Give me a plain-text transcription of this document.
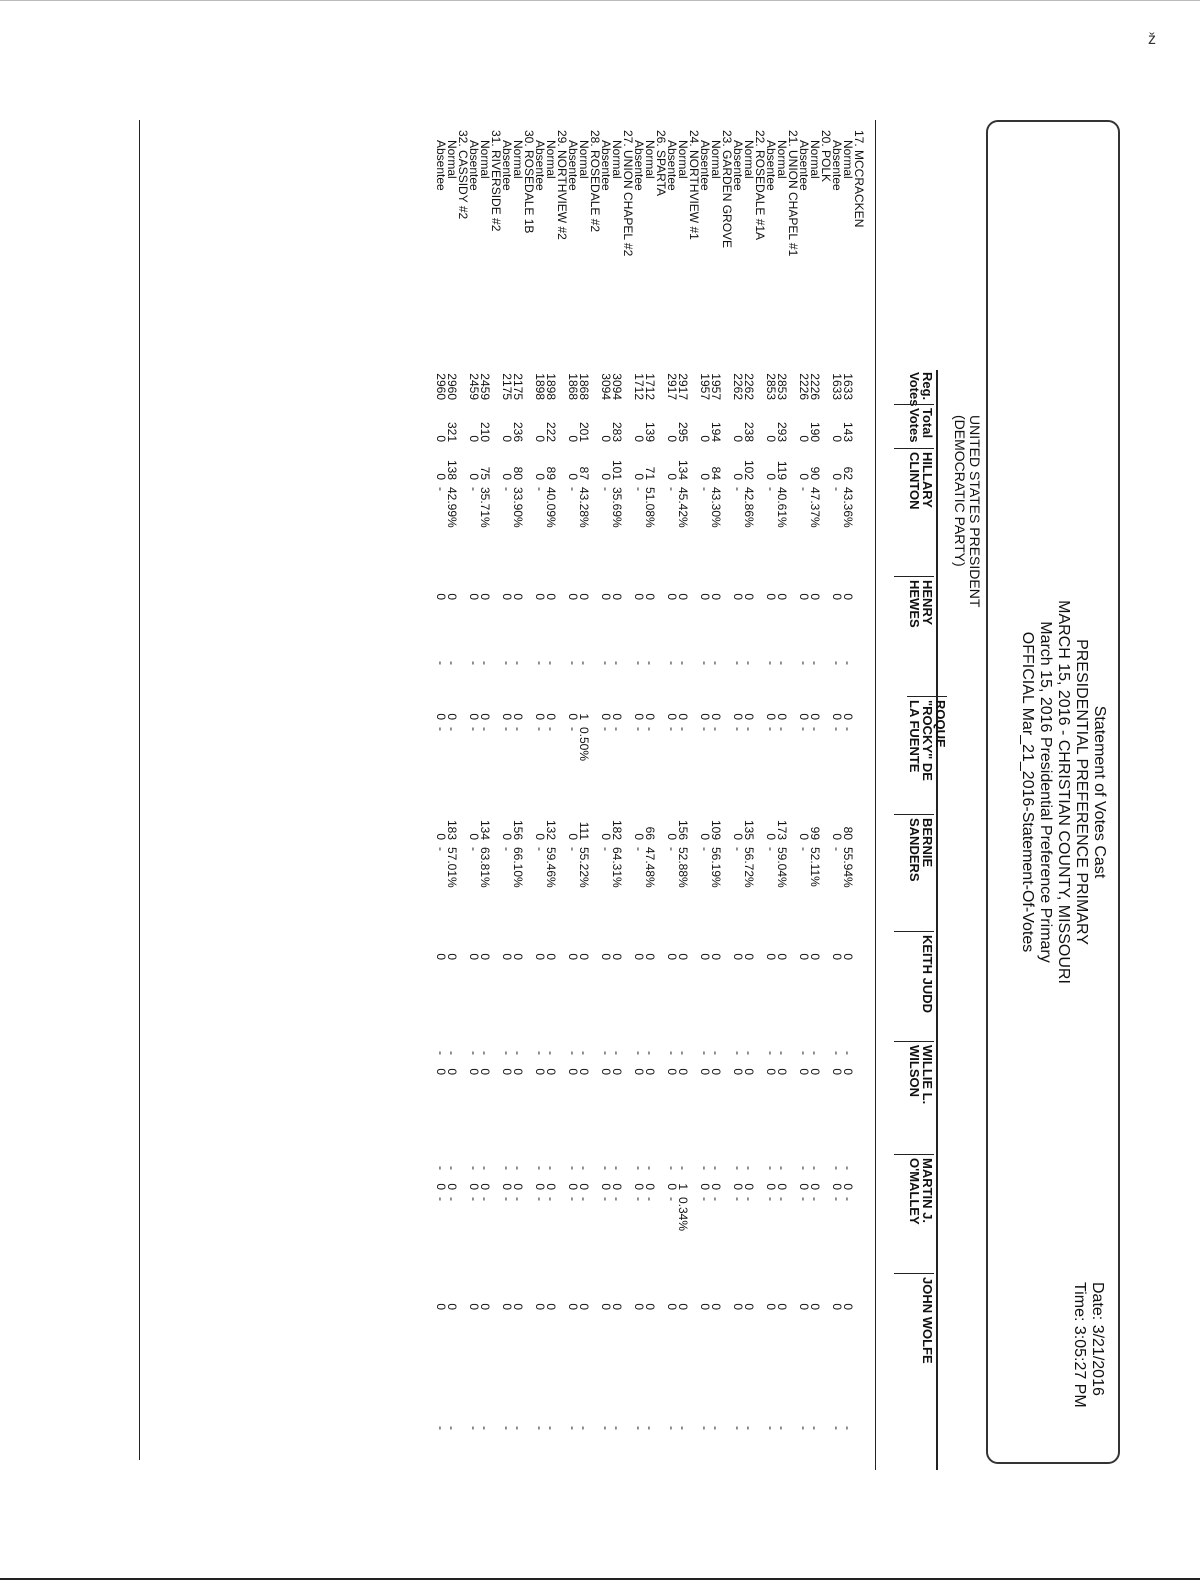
ž
Statement of Votes Cast
PRESIDENTIAL PREFERENCE PRIMARY
MARCH 15, 2016 - CHRISTIAN COUNTY, MISSOURI
March 15, 2016 Presidential Preference Primary
OFFICIAL Mar_21_2016-Statement-Of-Votes
Date: 3/21/2016
Time: 3:05:27 PM
UNITED STATES PRESIDENT
(DEMOCRATIC PARTY)
Reg.
Votes
Total
Votes
HILLARY
CLINTON
HENRY
HEWES
ROQUE
"ROCKY" DE
LA FUENTE
BERNIE
SANDERS
KEITH JUDD
WILLIE L.
WILSON
MARTIN J.
O'MALLEY
JOHN WOLFE
17. MCCRACKEN
Normal
1633
143
62
43.36%
0
-
0
-
80
55.94%
0
-
0
-
0
-
0
-
Absentee
1633
0
0
-
0
-
0
-
0
-
0
-
0
-
0
-
0
-
20. POLK
Normal
2226
190
90
47.37%
0
-
0
-
99
52.11%
0
-
0
-
0
-
0
-
Absentee
2226
0
0
-
0
-
0
-
0
-
0
-
0
-
0
-
0
-
21. UNION CHAPEL #1
Normal
2853
293
119
40.61%
0
-
0
-
173
59.04%
0
-
0
-
0
-
0
-
Absentee
2853
0
0
-
0
-
0
-
0
-
0
-
0
-
0
-
0
-
22. ROSEDALE #1A
Normal
2262
238
102
42.86%
0
-
0
-
135
56.72%
0
-
0
-
0
-
0
-
Absentee
2262
0
0
-
0
-
0
-
0
-
0
-
0
-
0
-
0
-
23. GARDEN GROVE
Normal
1957
194
84
43.30%
0
-
0
-
109
56.19%
0
-
0
-
0
-
0
-
Absentee
1957
0
0
-
0
-
0
-
0
-
0
-
0
-
0
-
0
-
24. NORTHVIEW #1
Normal
2917
295
134
45.42%
0
-
0
-
156
52.88%
0
-
0
-
1
0.34%
0
-
Absentee
2917
0
0
-
0
-
0
-
0
-
0
-
0
-
0
-
0
-
26. SPARTA
Normal
1712
139
71
51.08%
0
-
0
-
66
47.48%
0
-
0
-
0
-
0
-
Absentee
1712
0
0
-
0
-
0
-
0
-
0
-
0
-
0
-
0
-
27. UNION CHAPEL #2
Normal
3094
283
101
35.69%
0
-
0
-
182
64.31%
0
-
0
-
0
-
0
-
Absentee
3094
0
0
-
0
-
0
-
0
-
0
-
0
-
0
-
0
-
28. ROSEDALE #2
Normal
1868
201
87
43.28%
0
-
1
0.50%
111
55.22%
0
-
0
-
0
-
0
-
Absentee
1868
0
0
-
0
-
0
-
0
-
0
-
0
-
0
-
0
-
29. NORTHVIEW #2
Normal
1898
222
89
40.09%
0
-
0
-
132
59.46%
0
-
0
-
0
-
0
-
Absentee
1898
0
0
-
0
-
0
-
0
-
0
-
0
-
0
-
0
-
30. ROSEDALE 1B
Normal
2175
236
80
33.90%
0
-
0
-
156
66.10%
0
-
0
-
0
-
0
-
Absentee
2175
0
0
-
0
-
0
-
0
-
0
-
0
-
0
-
0
-
31. RIVERSIDE #2
Normal
2459
210
75
35.71%
0
-
0
-
134
63.81%
0
-
0
-
0
-
0
-
Absentee
2459
0
0
-
0
-
0
-
0
-
0
-
0
-
0
-
0
-
32. CASSIDY #2
Normal
2960
321
138
42.99%
0
-
0
-
183
57.01%
0
-
0
-
0
-
0
-
Absentee
2960
0
0
-
0
-
0
-
0
-
0
-
0
-
0
-
0
-
